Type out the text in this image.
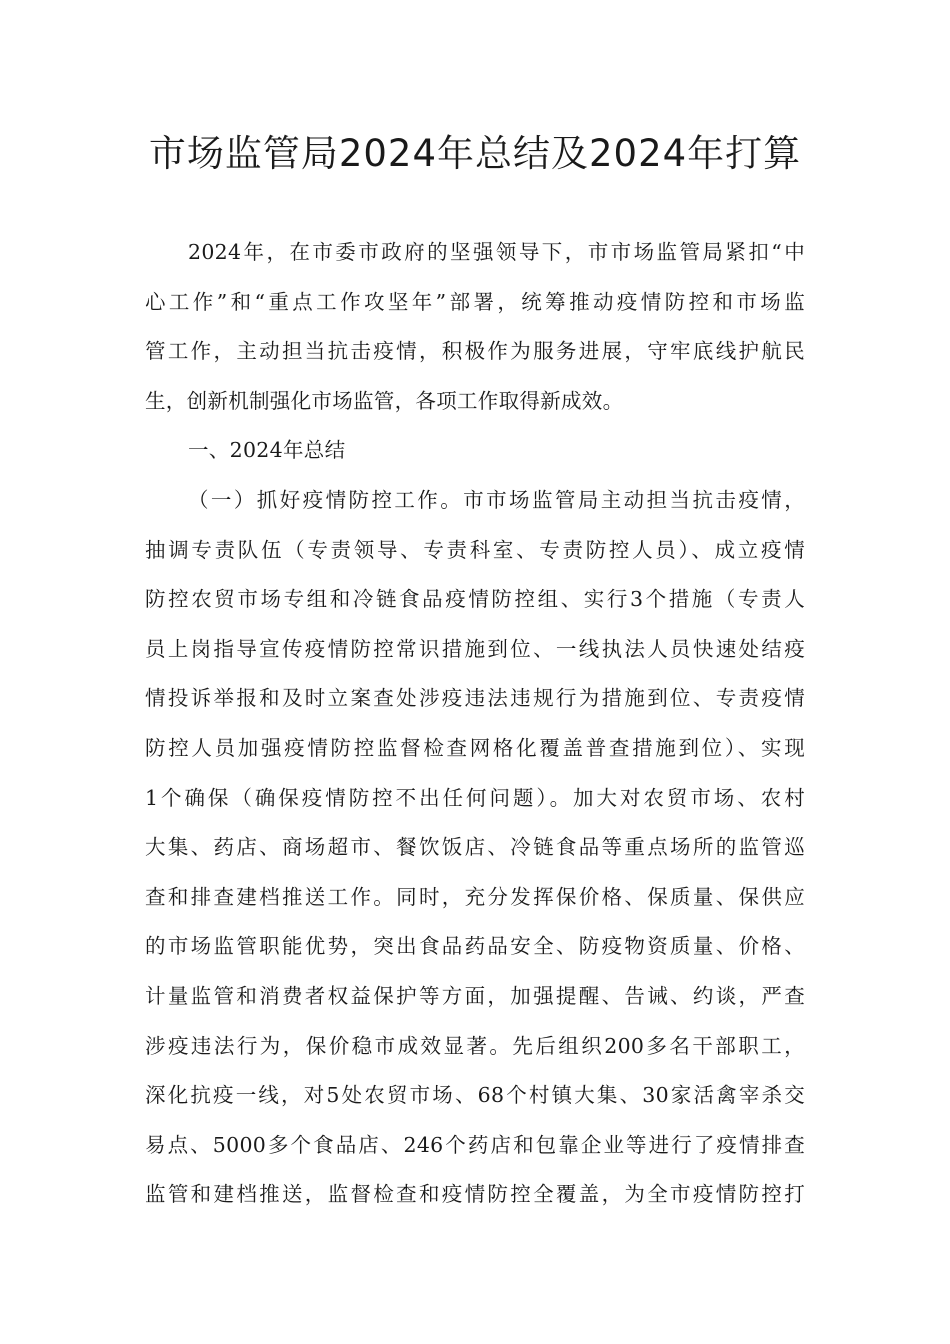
市场监管局2024年总结及2024年打算
2024年，在市委市政府的坚强领导下，市市场监管局紧扣“中
心工作”和“重点工作攻坚年”部署，统筹推动疫情防控和市场监
管工作，主动担当抗击疫情，积极作为服务进展，守牢底线护航民
生，创新机制强化市场监管，各项工作取得新成效。
一、2024年总结
（一）抓好疫情防控工作。市市场监管局主动担当抗击疫情，
抽调专责队伍（专责领导、专责科室、专责防控人员）、成立疫情
防控农贸市场专组和冷链食品疫情防控组、实行3个措施（专责人
员上岗指导宣传疫情防控常识措施到位、一线执法人员快速处结疫
情投诉举报和及时立案查处涉疫违法违规行为措施到位、专责疫情
防控人员加强疫情防控监督检查网格化覆盖普查措施到位）、实现
1个确保（确保疫情防控不出任何问题）。加大对农贸市场、农村
大集、药店、商场超市、餐饮饭店、冷链食品等重点场所的监管巡
查和排查建档推送工作。同时，充分发挥保价格、保质量、保供应
的市场监管职能优势，突出食品药品安全、防疫物资质量、价格、
计量监管和消费者权益保护等方面，加强提醒、告诫、约谈，严查
涉疫违法行为，保价稳市成效显著。先后组织200多名干部职工，
深化抗疫一线，对5处农贸市场、68个村镇大集、30家活禽宰杀交
易点、5000多个食品店、246个药店和包靠企业等进行了疫情排查
监管和建档推送，监督检查和疫情防控全覆盖，为全市疫情防控打
